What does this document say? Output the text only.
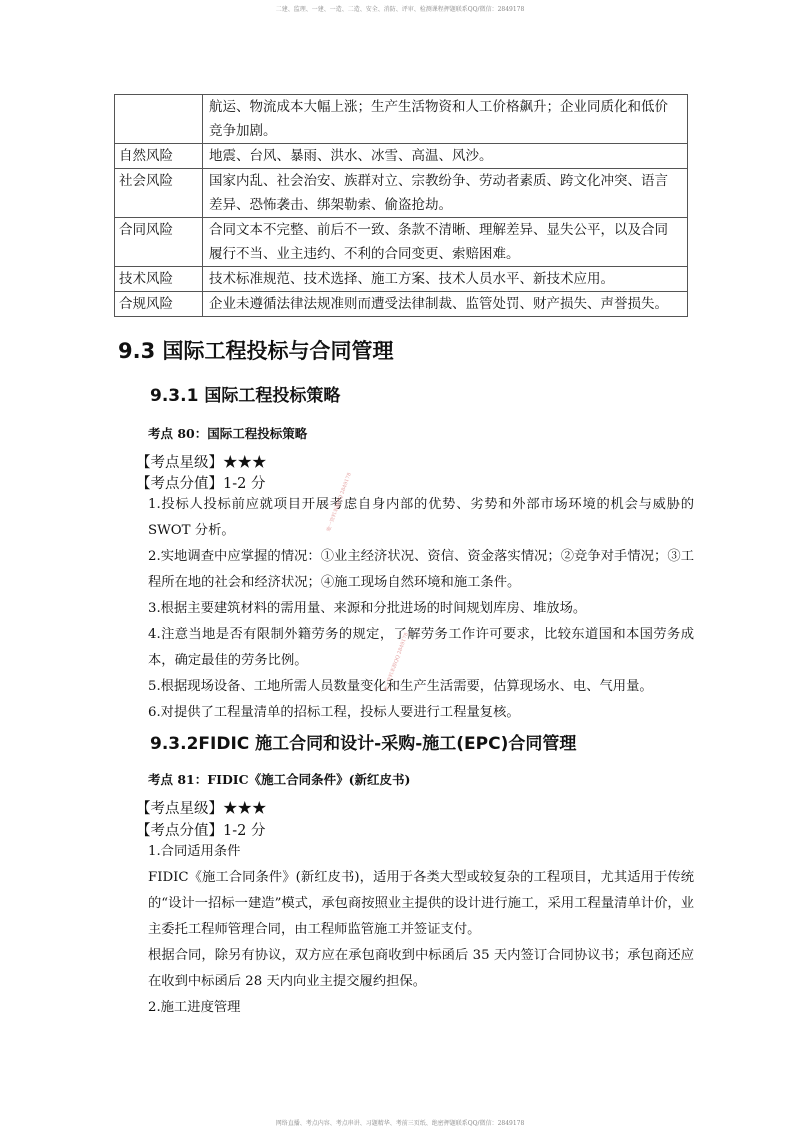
二建、监理、一建、一造、二造、安全、消防、评审、检测课程押题联系QQ/微信：2849178
	航运、物流成本大幅上涨；生产生活物资和人工价格飙升；企业同质化和低价竞争加剧。
自然风险	地震、台风、暴雨、洪水、冰雪、高温、风沙。
社会风险	国家内乱、社会治安、族群对立、宗教纷争、劳动者素质、跨文化冲突、语言差异、恐怖袭击、绑架勒索、偷盗抢劫。
合同风险	合同文本不完整、前后不一致、条款不清晰、理解差异、显失公平，以及合同履行不当、业主违约、不利的合同变更、索赔困难。
技术风险	技术标准规范、技术选择、施工方案、技术人员水平、新技术应用。
合规风险	企业未遵循法律法规准则而遭受法律制裁、监管处罚、财产损失、声誉损失。
9.3 国际工程投标与合同管理
9.3.1 国际工程投标策略
考点 80：国际工程投标策略
【考点星级】★★★
【考点分值】1-2 分
1.投标人投标前应就项目开展考虑自身内部的优势、劣势和外部市场环境的机会与威胁的 SWOT 分析。
2.实地调查中应掌握的情况：①业主经济状况、资信、资金落实情况；②竞争对手情况；③工程所在地的社会和经济状况；④施工现场自然环境和施工条件。
3.根据主要建筑材料的需用量、来源和分批进场的时间规划库房、堆放场。
4.注意当地是否有限制外籍劳务的规定，了解劳务工作许可要求，比较东道国和本国劳务成本，确定最佳的劳务比例。
5.根据现场设备、工地所需人员数量变化和生产生活需要，估算现场水、电、气用量。
6.对提供了工程量清单的招标工程，投标人要进行工程量复核。
9.3.2FIDIC 施工合同和设计-采购-施工(EPC)合同管理
考点 81：FIDIC《施工合同条件》(新红皮书)
【考点星级】★★★
【考点分值】1-2 分
1.合同适用条件
FIDIC《施工合同条件》(新红皮书)，适用于各类大型或较复杂的工程项目，尤其适用于传统的“设计一招标一建造”模式，承包商按照业主提供的设计进行施工，采用工程量清单计价，业主委托工程师管理合同，由工程师监管施工并签证支付。
根据合同，除另有协议，双方应在承包商收到中标函后 35 天内签订合同协议书；承包商还应在收到中标函后 28 天内向业主提交履约担保。
2.施工进度管理
唯一资料来源QQ 2849178
唯一资料来源QQ 2849178
网络直播、考点内容、考点串讲、习题精华、考前三页纸、绝密押题联系QQ/微信：2849178
